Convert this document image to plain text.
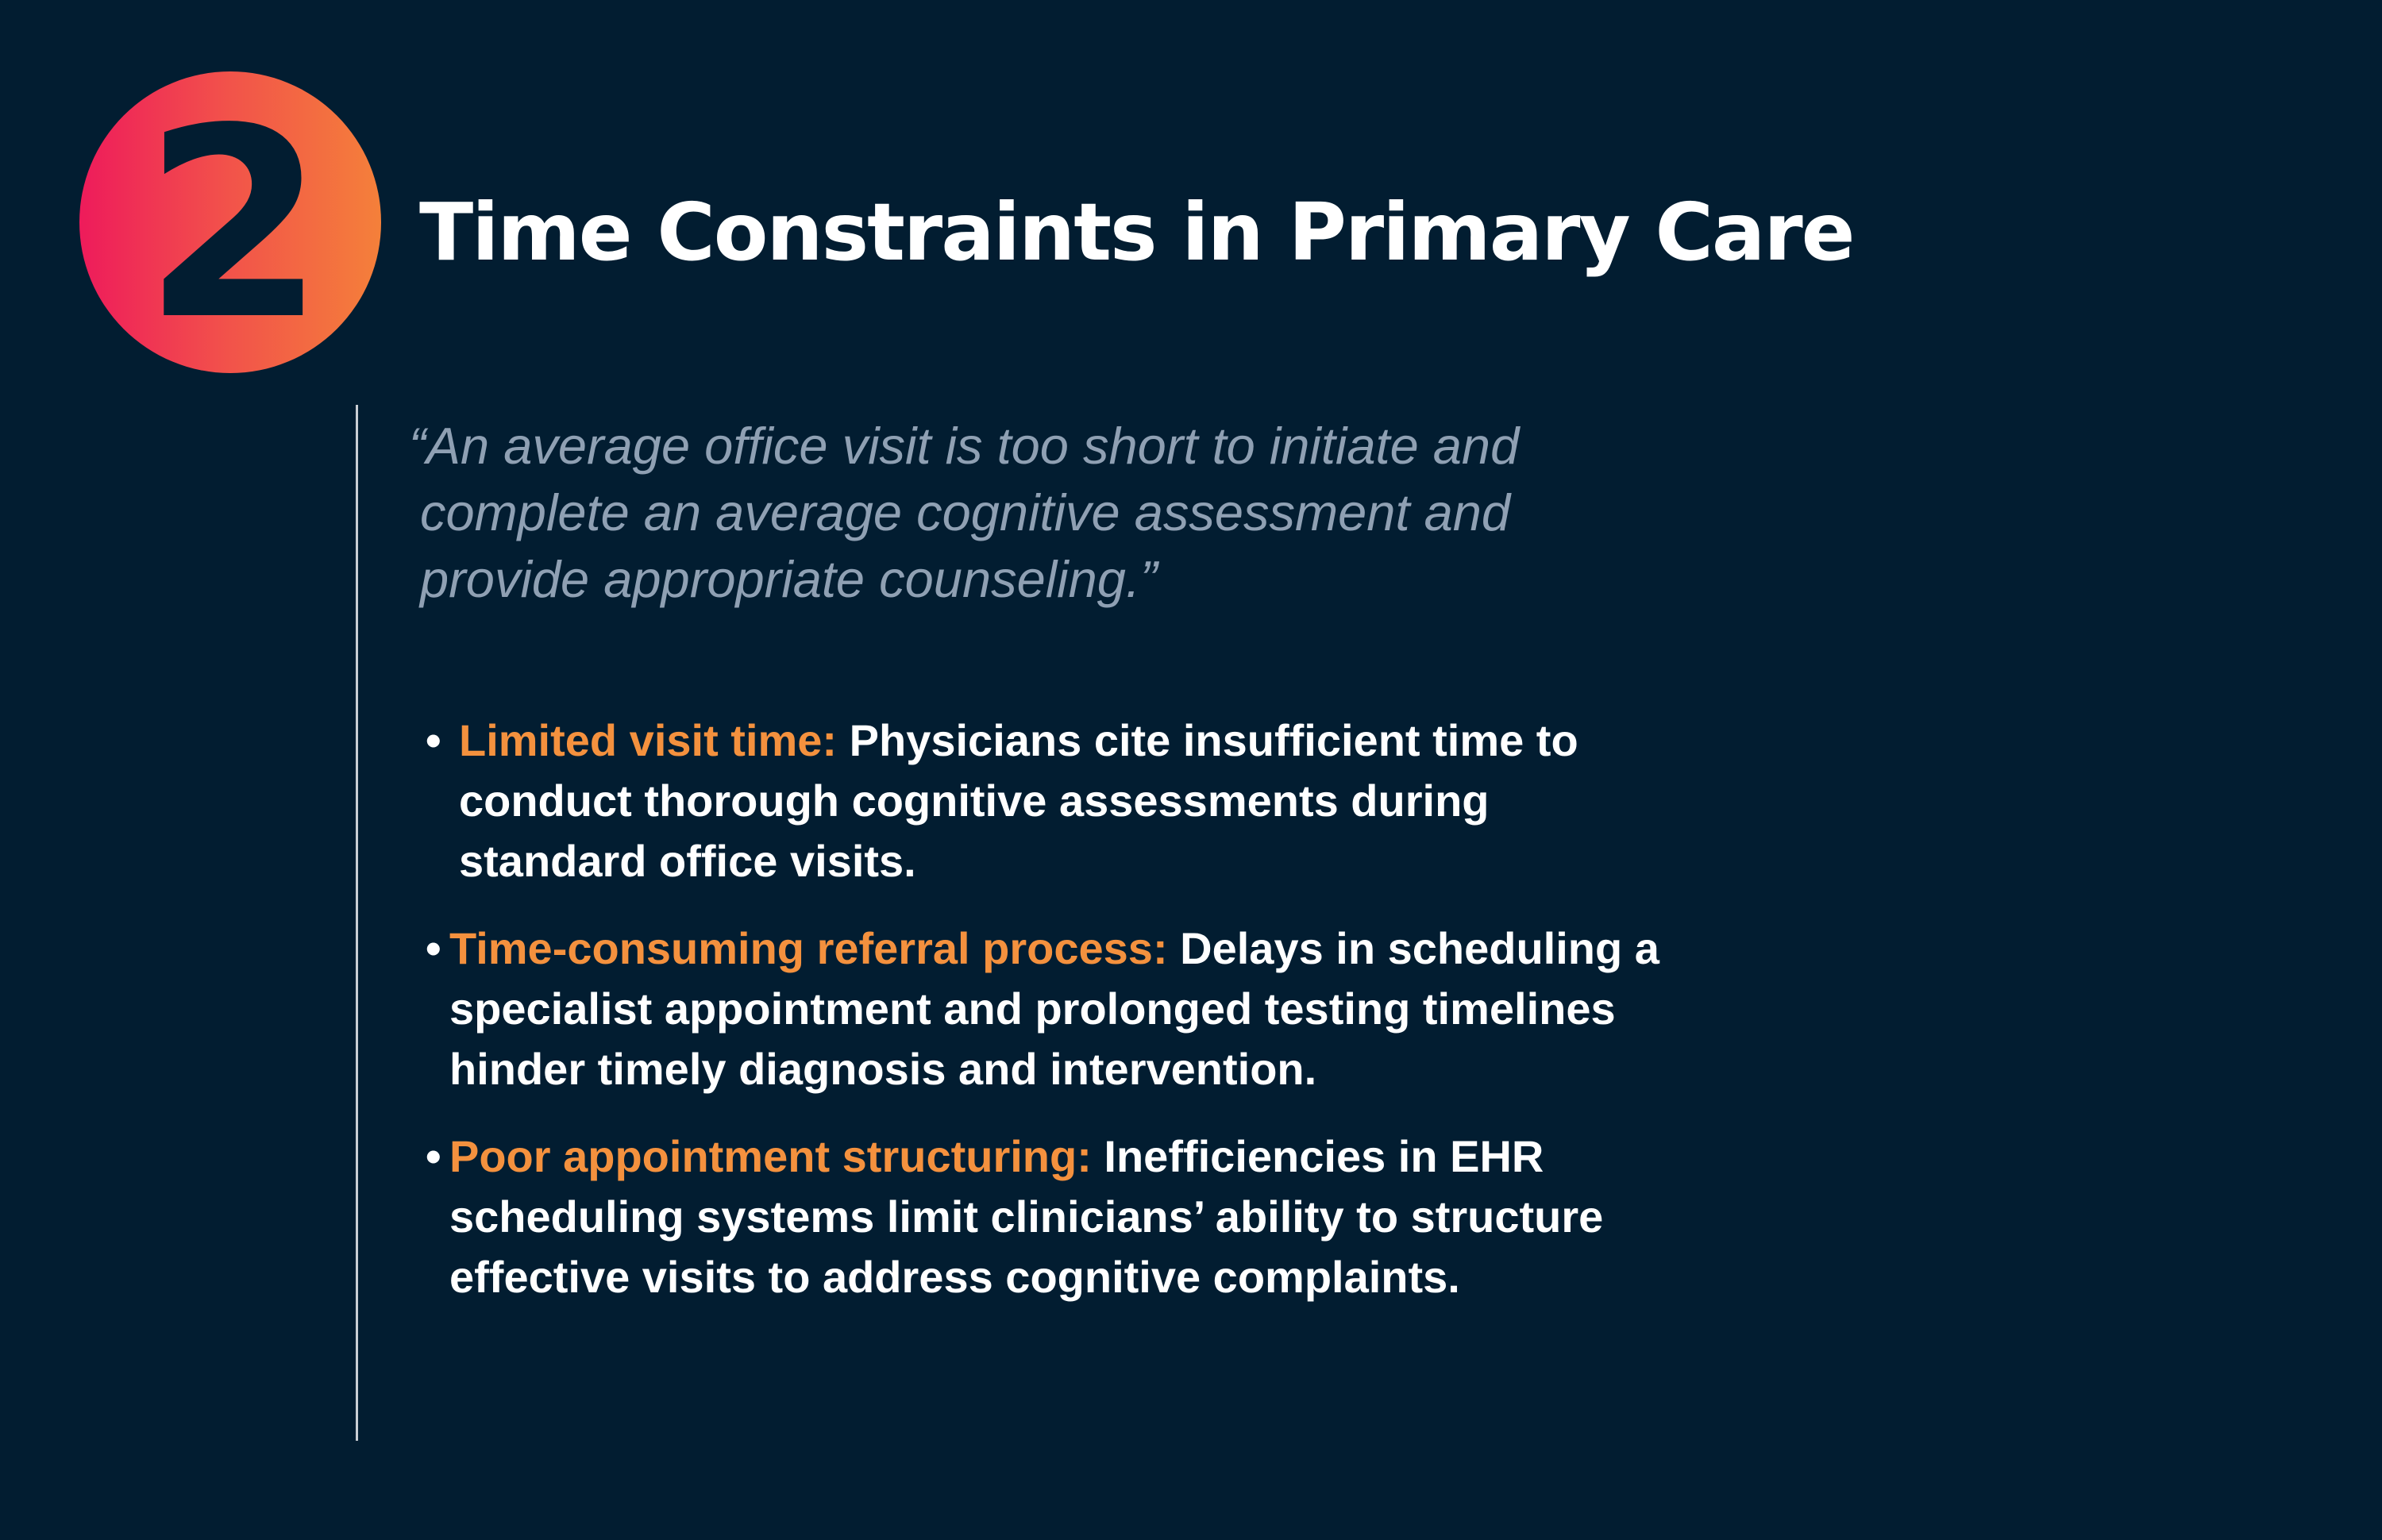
2 Time Constraints in Primary Care

“An average office visit is too short to initiate and
complete an average cognitive assessment and
provide appropriate counseling.”

• Limited visit time: Physicians cite insufficient time to
conduct thorough cognitive assessments during
standard office visits.
• Time-consuming referral process: Delays in scheduling a
specialist appointment and prolonged testing timelines
hinder timely diagnosis and intervention.
• Poor appointment structuring: Inefficiencies in EHR
scheduling systems limit clinicians’ ability to structure
effective visits to address cognitive complaints.
